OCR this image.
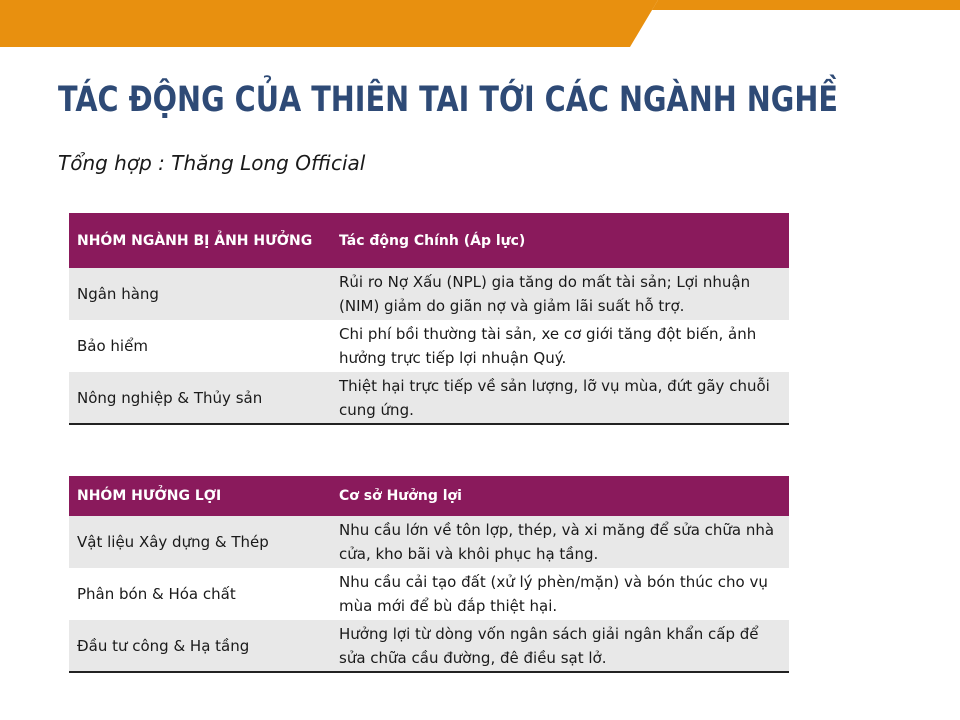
TÁC ĐỘNG CỦA THIÊN TAI TỚI CÁC NGÀNH NGHỀ

Tổng hợp : Thăng Long Official

NHÓM NGÀNH BỊ ẢNH HƯỞNG	Tác động Chính (Áp lực)
Ngân hàng	Rủi ro Nợ Xấu (NPL) gia tăng do mất tài sản; Lợi nhuận (NIM) giảm do giãn nợ và giảm lãi suất hỗ trợ.
Bảo hiểm	Chi phí bồi thường tài sản, xe cơ giới tăng đột biến, ảnh hưởng trực tiếp lợi nhuận Quý.
Nông nghiệp & Thủy sản	Thiệt hại trực tiếp về sản lượng, lỡ vụ mùa, đứt gãy chuỗi cung ứng.
NHÓM HƯỞNG LỢI	Cơ sở Hưởng lợi
Vật liệu Xây dựng & Thép	Nhu cầu lớn về tôn lợp, thép, và xi măng để sửa chữa nhà cửa, kho bãi và khôi phục hạ tầng.
Phân bón & Hóa chất	Nhu cầu cải tạo đất (xử lý phèn/mặn) và bón thúc cho vụ mùa mới để bù đắp thiệt hại.
Đầu tư công & Hạ tầng	Hưởng lợi từ dòng vốn ngân sách giải ngân khẩn cấp để sửa chữa cầu đường, đê điều sạt lở.
